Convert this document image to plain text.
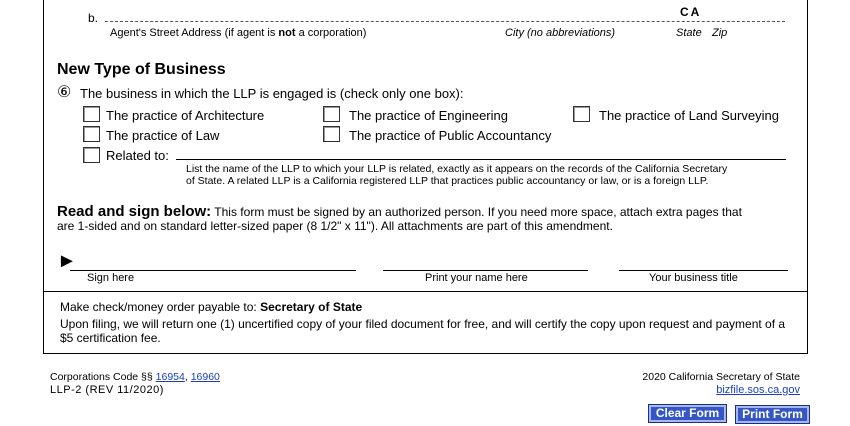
b.	CA
Agent's Street Address (if agent is not a corporation)	City (no abbreviations)	State Zip
New Type of Business
⑥ The business in which the LLP is engaged is (check only one box):
The practice of Architecture
The practice of Law
The practice of Engineering
The practice of Public Accountancy
The practice of Land Surveying
Related to:
List the name of the LLP to which your LLP is related, exactly as it appears on the records of the California Secretary
of State. A related LLP is a California registered LLP that practices public accountancy or law, or is a foreign LLP.
Read and sign below: This form must be signed by an authorized person. If you need more space, attach extra pages that
are 1-sided and on standard letter-sized paper (8 1/2" x 11"). All attachments are part of this amendment.
►
Sign here	Print your name here	Your business title
Make check/money order payable to: Secretary of State
Upon filing, we will return one (1) uncertified copy of your filed document for free, and will certify the copy upon request and payment of a
$5 certification fee.
Corporations Code §§ 16954, 16960
LLP-2 (REV 11/2020)
2020 California Secretary of State
bizfile.sos.ca.gov
Clear Form	Print Form
